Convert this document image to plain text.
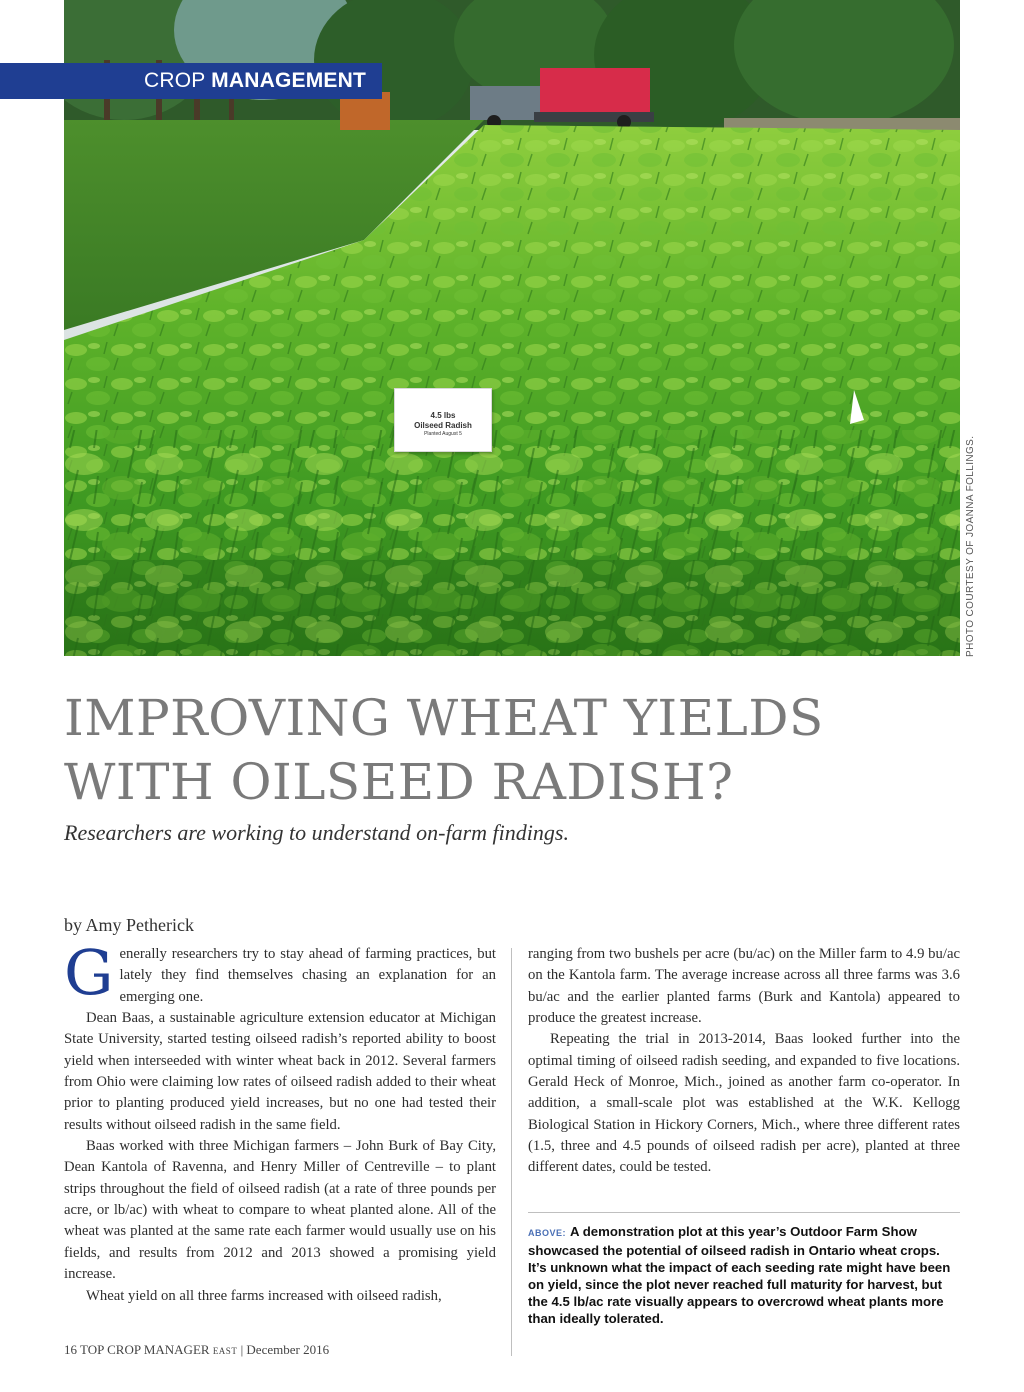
4.5 lbs
Oilseed Radish
Planted August 5
CROP MANAGEMENT
PHOTO COURTESY OF JOANNA FOLLINGS.
IMPROVING WHEAT YIELDS
WITH OILSEED RADISH?
Researchers are working to understand on-farm findings.
by Amy Petherick

Generally researchers try to stay ahead of farming practices, but lately they find themselves chasing an explanation for an emerging one.

Dean Baas, a sustainable agriculture extension educator at Michigan State University, started testing oilseed radish’s reported ability to boost yield when interseeded with winter wheat back in 2012. Several farmers from Ohio were claiming low rates of oilseed radish added to their wheat prior to planting produced yield increases, but no one had tested their results without oilseed radish in the same field.

Baas worked with three Michigan farmers – John Burk of Bay City, Dean Kantola of Ravenna, and Henry Miller of Centreville – to plant strips throughout the field of oilseed radish (at a rate of three pounds per acre, or lb/ac) with wheat to compare to wheat planted alone. All of the wheat was planted at the same rate each farmer would usually use on his fields, and results from 2012 and 2013 showed a promising yield increase.

Wheat yield on all three farms increased with oilseed radish,

ranging from two bushels per acre (bu/ac) on the Miller farm to 4.9 bu/ac on the Kantola farm. The average increase across all three farms was 3.6 bu/ac and the earlier planted farms (Burk and Kantola) appeared to produce the greatest increase.

Repeating the trial in 2013-2014, Baas looked further into the optimal timing of oilseed radish seeding, and expanded to five locations. Gerald Heck of Monroe, Mich., joined as another farm co-operator. In addition, a small-scale plot was established at the W.K. Kellogg Biological Station in Hickory Corners, Mich., where three different rates (1.5, three and 4.5 pounds of oilseed radish per acre), planted at three different dates, could be tested.

ABOVE: A demonstration plot at this year’s Outdoor Farm Show showcased the potential of oilseed radish in Ontario wheat crops. It’s unknown what the impact of each seeding rate might have been on yield, since the plot never reached full maturity for harvest, but the 4.5 lb/ac rate visually appears to overcrowd wheat plants more than ideally tolerated.
16 TOP CROP MANAGER EAST | December 2016
